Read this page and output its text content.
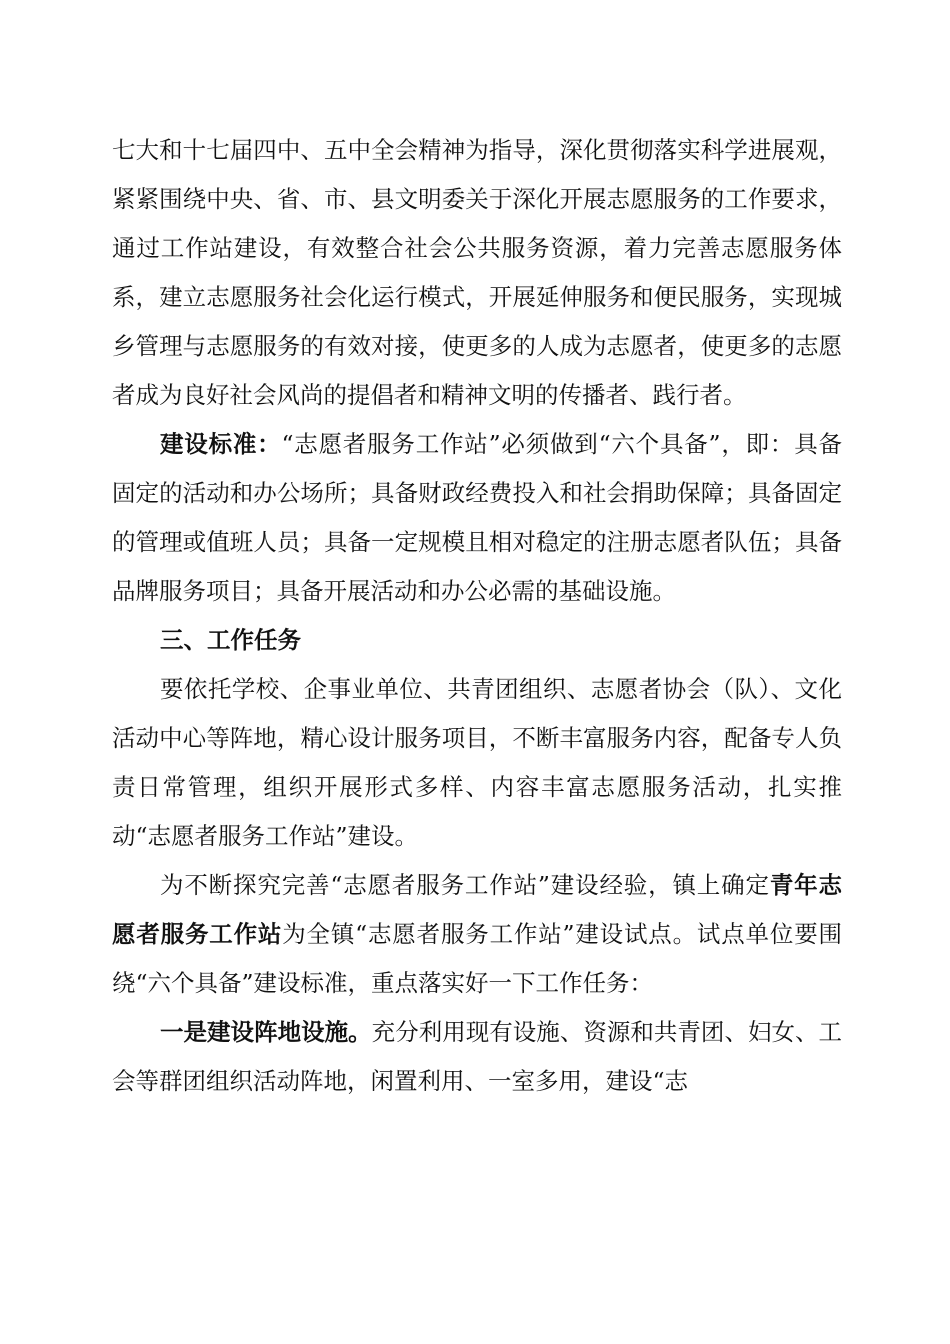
七大和十七届四中、五中全会精神为指导，深化贯彻落实科学进展观，紧紧围绕中央、省、市、县文明委关于深化开展志愿服务的工作要求，通过工作站建设，有效整合社会公共服务资源，着力完善志愿服务体系，建立志愿服务社会化运行模式，开展延伸服务和便民服务，实现城乡管理与志愿服务的有效对接，使更多的人成为志愿者，使更多的志愿者成为良好社会风尚的提倡者和精神文明的传播者、践行者。

建设标准：“志愿者服务工作站”必须做到“六个具备”，即：具备固定的活动和办公场所；具备财政经费投入和社会捐助保障；具备固定的管理或值班人员；具备一定规模且相对稳定的注册志愿者队伍；具备品牌服务项目；具备开展活动和办公必需的基础设施。

三、工作任务

要依托学校、企事业单位、共青团组织、志愿者协会（队）、文化活动中心等阵地，精心设计服务项目，不断丰富服务内容，配备专人负责日常管理，组织开展形式多样、内容丰富志愿服务活动，扎实推动“志愿者服务工作站”建设。

为不断探究完善“志愿者服务工作站”建设经验，镇上确定青年志愿者服务工作站为全镇“志愿者服务工作站”建设试点。试点单位要围绕“六个具备”建设标准，重点落实好一下工作任务：

一是建设阵地设施。充分利用现有设施、资源和共青团、妇女、工会等群团组织活动阵地，闲置利用、一室多用，建设“志
